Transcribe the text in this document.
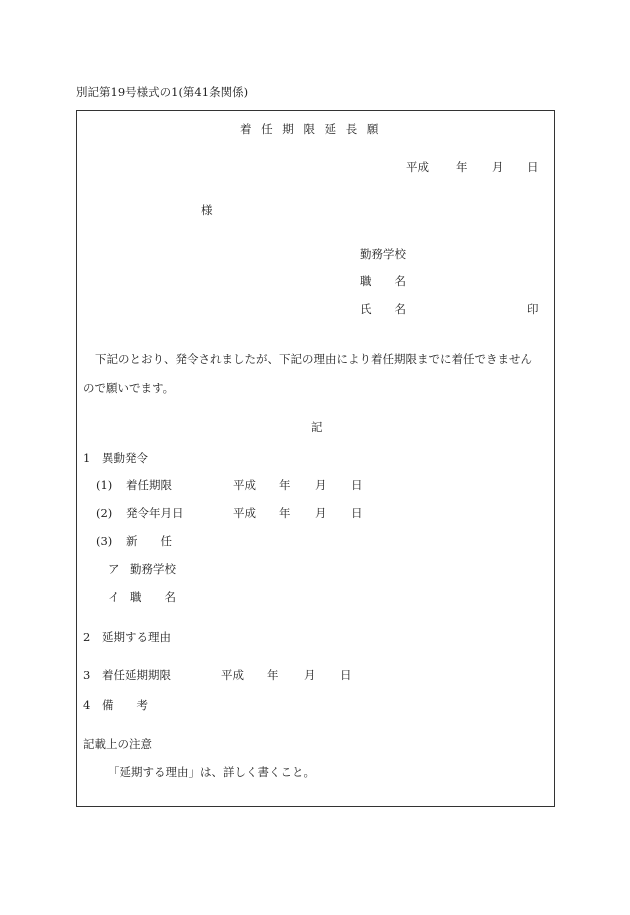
別記第19号様式の1(第41条関係)
着 任 期 限 延 長 願
平成 年 月 日
様
勤務学校
職　　名
氏　　名	印
下記のとおり、発令されましたが、下記の理由により着任期限までに着任できません
ので願いでます。
記
1 異動発令
(1) 着任期限	平成 年 月 日
(2) 発令年月日	平成 年 月 日
(3) 新　　任
ア 勤務学校
イ 職　　名
2 延期する理由
3 着任延期期限	平成 年 月 日
4 備　　考
記載上の注意
「延期する理由」は、詳しく書くこと。
